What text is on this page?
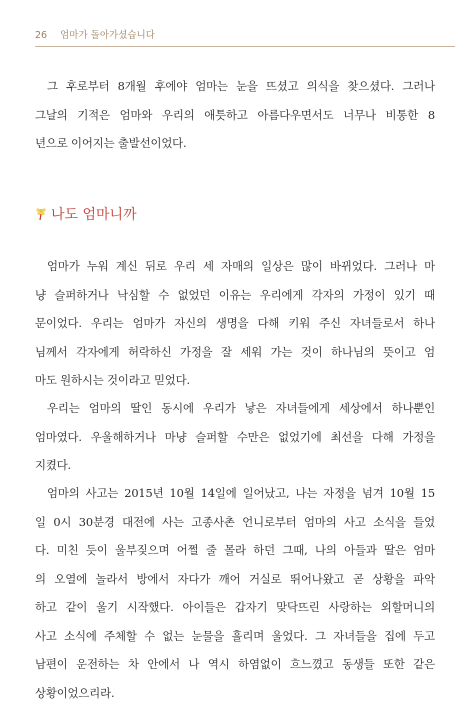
26 엄마가 돌아가셨습니다
그 후로부터 8개월 후에야 엄마는 눈을 뜨셨고 의식을 찾으셨다. 그러나
그날의 기적은 엄마와 우리의 애틋하고 아름다우면서도 너무나 비통한 8
년으로 이어지는 출발선이었다.
나도 엄마니까
엄마가 누워 계신 뒤로 우리 세 자매의 일상은 많이 바뀌었다. 그러나 마
냥 슬퍼하거나 낙심할 수 없었던 이유는 우리에게 각자의 가정이 있기 때
문이었다. 우리는 엄마가 자신의 생명을 다해 키워 주신 자녀들로서 하나
님께서 각자에게 허락하신 가정을 잘 세워 가는 것이 하나님의 뜻이고 엄
마도 원하시는 것이라고 믿었다.
우리는 엄마의 딸인 동시에 우리가 낳은 자녀들에게 세상에서 하나뿐인
엄마였다. 우울해하거나 마냥 슬퍼할 수만은 없었기에 최선을 다해 가정을
지켰다.
엄마의 사고는 2015년 10월 14일에 일어났고, 나는 자정을 넘겨 10월 15
일 0시 30분경 대전에 사는 고종사촌 언니로부터 엄마의 사고 소식을 들었
다. 미친 듯이 울부짖으며 어쩔 줄 몰라 하던 그때, 나의 아들과 딸은 엄마
의 오열에 놀라서 방에서 자다가 깨어 거실로 뛰어나왔고 곧 상황을 파악
하고 같이 울기 시작했다. 아이들은 갑자기 맞닥뜨린 사랑하는 외할머니의
사고 소식에 주체할 수 없는 눈물을 흘리며 울었다. 그 자녀들을 집에 두고
남편이 운전하는 차 안에서 나 역시 하염없이 흐느꼈고 동생들 또한 같은
상황이었으리라.
